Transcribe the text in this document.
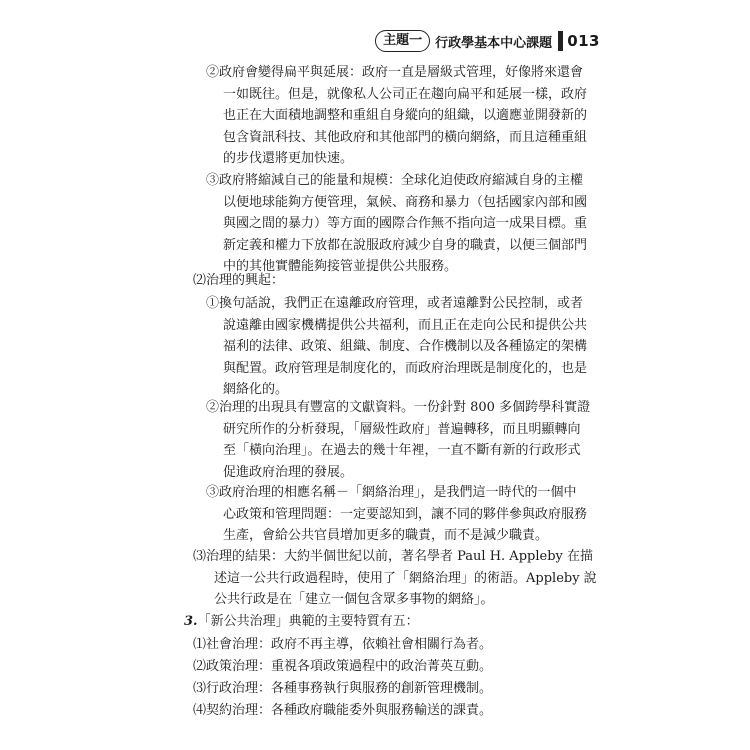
主題一	行政學基本中心課題 013
②政府會變得扁平與延展：政府一直是層級式管理，好像將來還會
一如既往。但是，就像私人公司正在趨向扁平和延展一樣，政府
也正在大面積地調整和重組自身縱向的組織，以適應並開發新的
包含資訊科技、其他政府和其他部門的橫向網絡，而且這種重組
的步伐還將更加快速。
③政府將縮減自己的能量和規模：全球化迫使政府縮減自身的主權
以便地球能夠方便管理，氣候、商務和暴力（包括國家內部和國
與國之間的暴力）等方面的國際合作無不指向這一成果目標。重
新定義和權力下放都在說服政府減少自身的職責，以便三個部門
中的其他實體能夠接管並提供公共服務。
⑵治理的興起：
①換句話說，我們正在遠離政府管理，或者遠離對公民控制，或者
說遠離由國家機構提供公共福利，而且正在走向公民和提供公共
福利的法律、政策、組織、制度、合作機制以及各種協定的架構
與配置。政府管理是制度化的，而政府治理既是制度化的，也是
網絡化的。
②治理的出現具有豐富的文獻資料。一份針對 800 多個跨學科實證
研究所作的分析發現，「層級性政府」普遍轉移，而且明顯轉向
至「橫向治理」。在過去的幾十年裡，一直不斷有新的行政形式
促進政府治理的發展。
③政府治理的相應名稱－「網絡治理」，是我們這一時代的一個中
心政策和管理問題：一定要認知到，讓不同的夥伴參與政府服務
生產，會給公共官員增加更多的職責，而不是減少職責。
⑶治理的結果：大約半個世紀以前，著名學者 Paul H. Appleby 在描
述這一公共行政過程時，使用了「網絡治理」的術語。Appleby 說
公共行政是在「建立一個包含眾多事物的網絡」。
3.「新公共治理」典範的主要特質有五：
⑴社會治理：政府不再主導，依賴社會相關行為者。
⑵政策治理：重視各項政策過程中的政治菁英互動。
⑶行政治理：各種事務執行與服務的創新管理機制。
⑷契約治理：各種政府職能委外與服務輸送的課責。
